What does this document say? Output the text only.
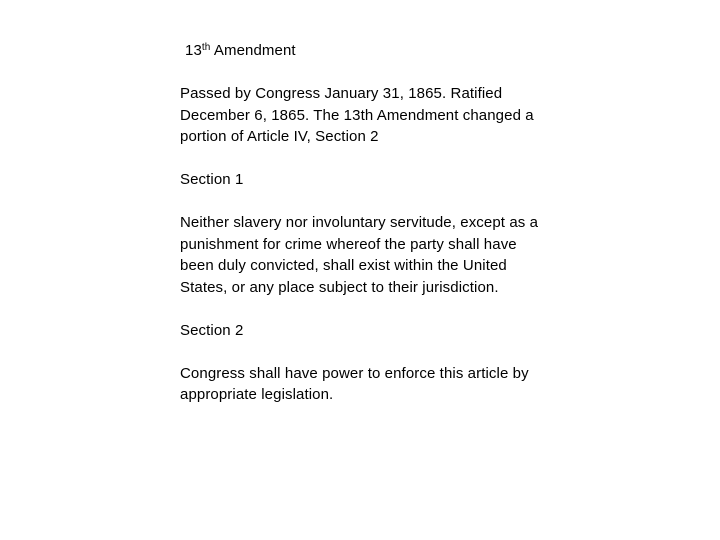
13th Amendment
Passed by Congress January 31, 1865. Ratified December 6, 1865. The 13th Amendment changed a portion of Article IV, Section 2
Section 1
Neither slavery nor involuntary servitude, except as a punishment for crime whereof the party shall have been duly convicted, shall exist within the United States, or any place subject to their jurisdiction.
Section 2
Congress shall have power to enforce this article by appropriate legislation.
